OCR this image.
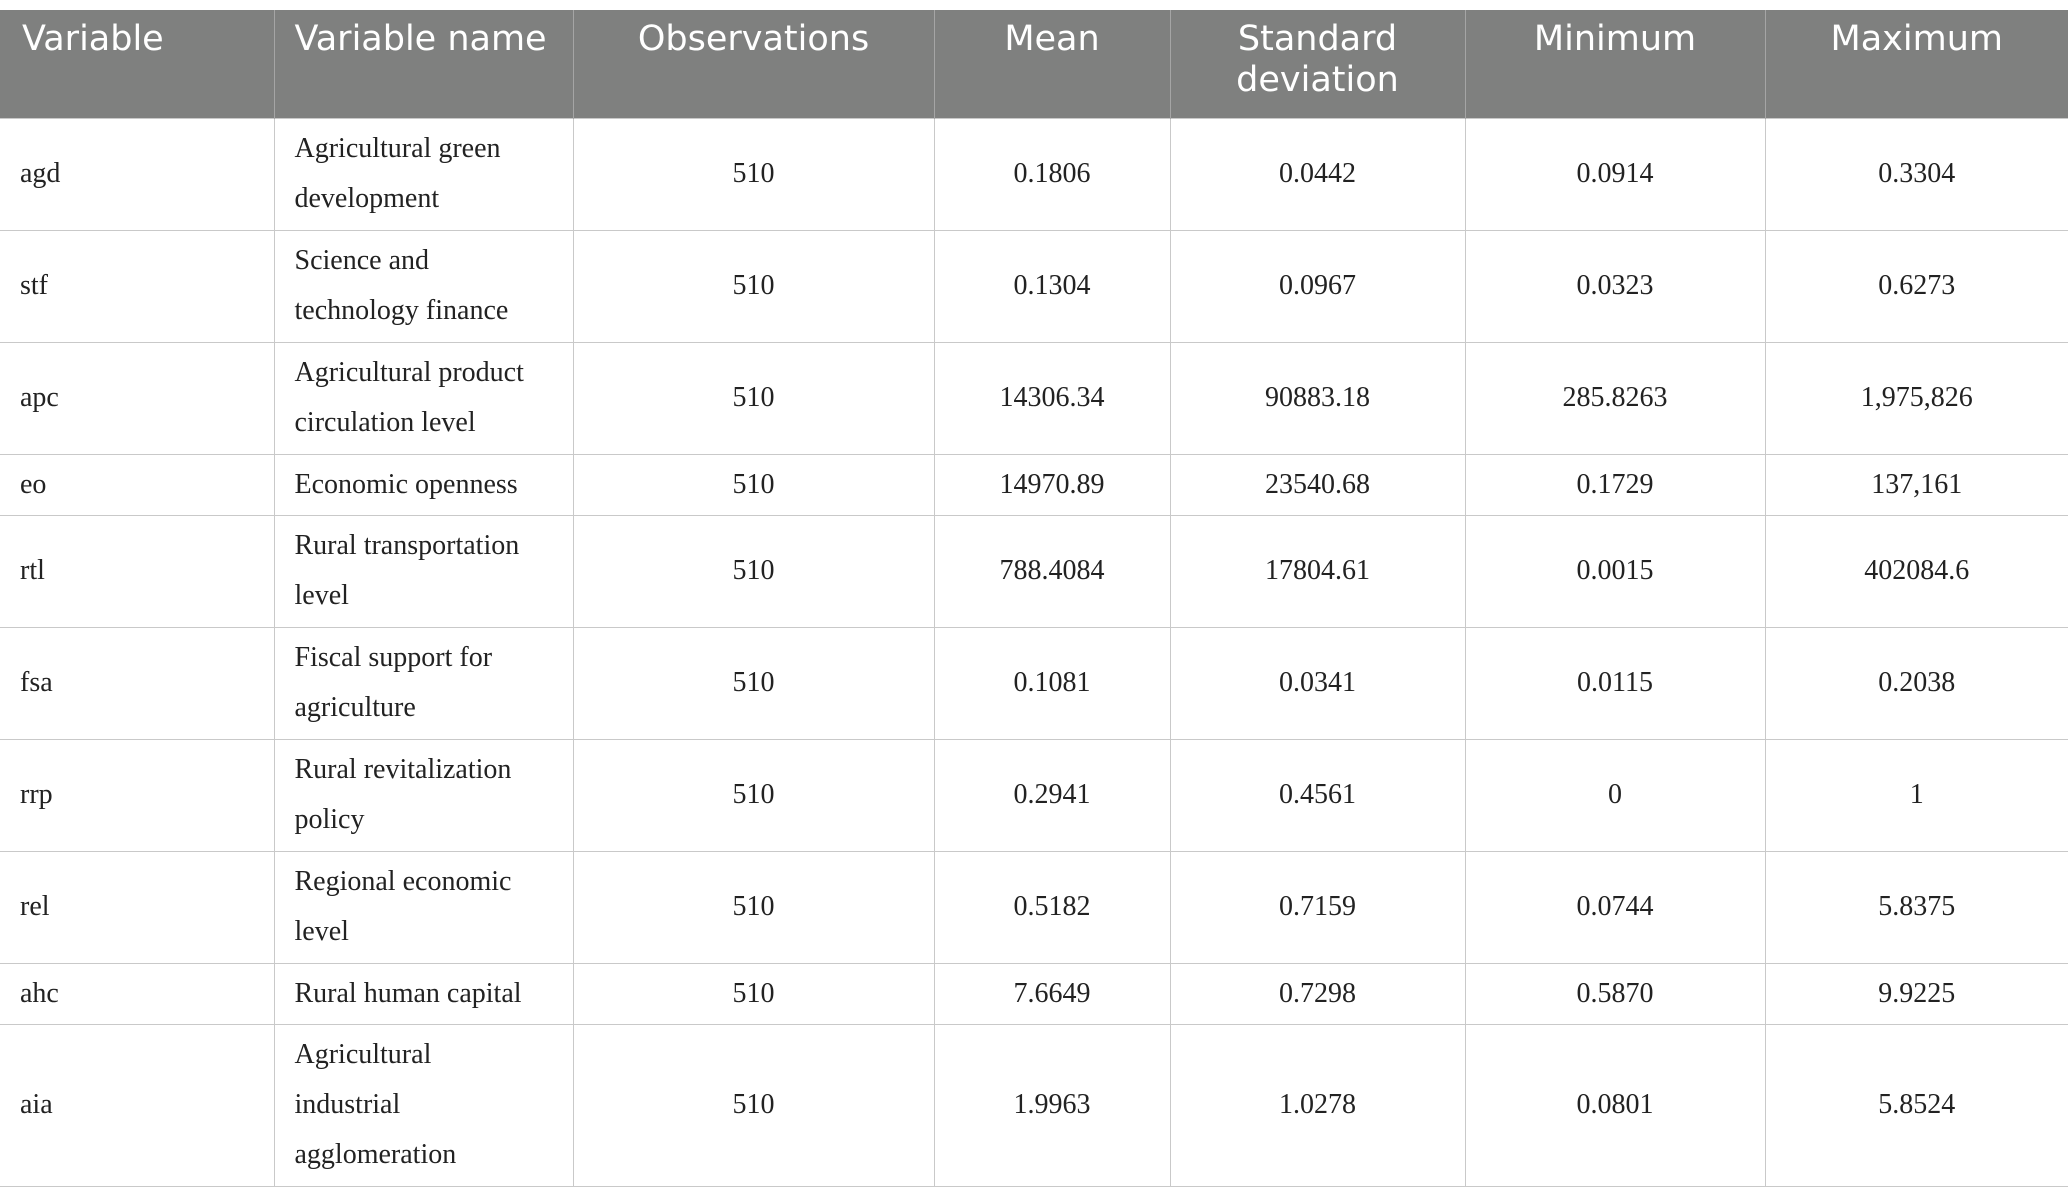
Variable	Variable name	Observations	Mean	Standard deviation	Minimum	Maximum
agd	Agricultural green development	510	0.1806	0.0442	0.0914	0.3304
stf	Science and technology finance	510	0.1304	0.0967	0.0323	0.6273
apc	Agricultural product circulation level	510	14306.34	90883.18	285.8263	1,975,826
eo	Economic openness	510	14970.89	23540.68	0.1729	137,161
rtl	Rural transportation level	510	788.4084	17804.61	0.0015	402084.6
fsa	Fiscal support for agriculture	510	0.1081	0.0341	0.0115	0.2038
rrp	Rural revitalization policy	510	0.2941	0.4561	0	1
rel	Regional economic level	510	0.5182	0.7159	0.0744	5.8375
ahc	Rural human capital	510	7.6649	0.7298	0.5870	9.9225
aia	Agricultural industrial agglomeration	510	1.9963	1.0278	0.0801	5.8524
